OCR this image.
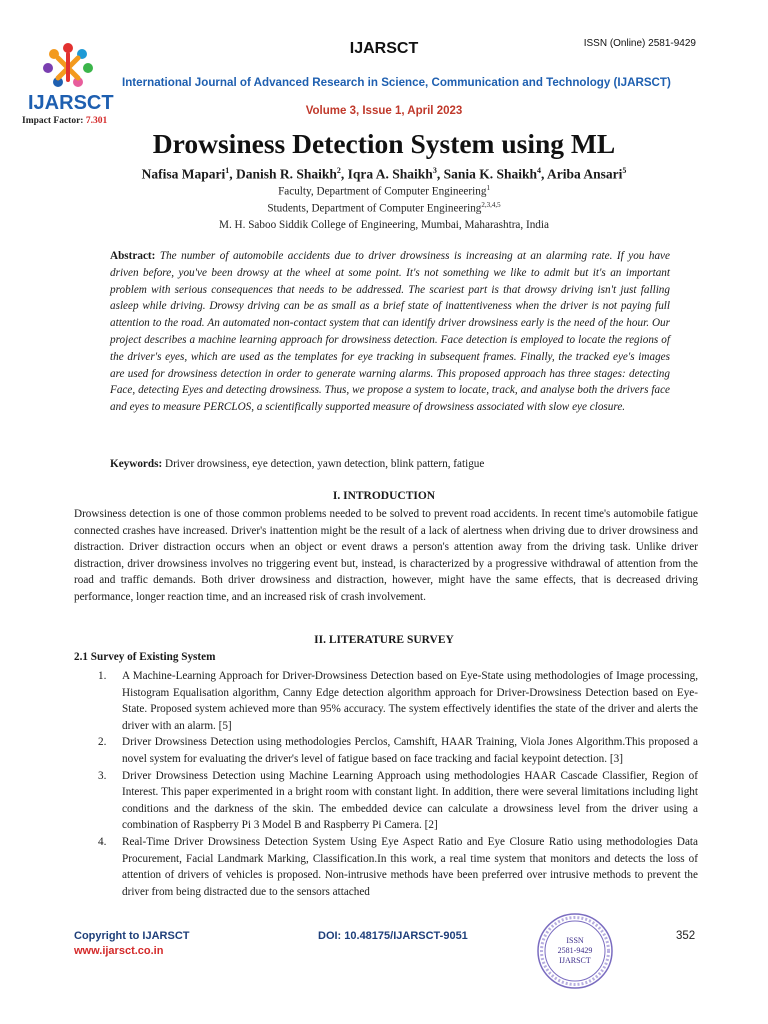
IJARSCT
Impact Factor: 7.301
IJARSCT	ISSN (Online) 2581-9429
International Journal of Advanced Research in Science, Communication and Technology (IJARSCT)
Volume 3, Issue 1, April 2023
Drowsiness Detection System using ML
Nafisa Mapari$^1$, Danish R. Shaikh$^2$, Iqra A. Shaikh$^3$, Sania K. Shaikh$^4$, Ariba Ansari$^5$
Faculty, Department of Computer Engineering$^1$
Students, Department of Computer Engineering$^{2,3,4,5}$
M. H. Saboo Siddik College of Engineering, Mumbai, Maharashtra, India
Abstract: The number of automobile accidents due to driver drowsiness is increasing at an alarming rate. If you have driven before, you've been drowsy at the wheel at some point. It's not something we like to admit but it's an important problem with serious consequences that needs to be addressed. The scariest part is that drowsy driving isn't just falling asleep while driving. Drowsy driving can be as small as a brief state of inattentiveness when the driver is not paying full attention to the road. An automated non-contact system that can identify driver drowsiness early is the need of the hour. Our project describes a machine learning approach for drowsiness detection. Face detection is employed to locate the regions of the driver's eyes, which are used as the templates for eye tracking in subsequent frames. Finally, the tracked eye's images are used for drowsiness detection in order to generate warning alarms. This proposed approach has three stages: detecting Face, detecting Eyes and detecting drowsiness. Thus, we propose a system to locate, track, and analyse both the drivers face and eyes to measure PERCLOS, a scientifically supported measure of drowsiness associated with slow eye closure.
Keywords: Driver drowsiness, eye detection, yawn detection, blink pattern, fatigue
I. INTRODUCTION
Drowsiness detection is one of those common problems needed to be solved to prevent road accidents. In recent time's automobile fatigue connected crashes have increased. Driver's inattention might be the result of a lack of alertness when driving due to driver drowsiness and distraction. Driver distraction occurs when an object or event draws a person's attention away from the driving task. Unlike driver distraction, driver drowsiness involves no triggering event but, instead, is characterized by a progressive withdrawal of attention from the road and traffic demands. Both driver drowsiness and distraction, however, might have the same effects, that is decreased driving performance, longer reaction time, and an increased risk of crash involvement.
II. LITERATURE SURVEY
2.1 Survey of Existing System
1. A Machine-Learning Approach for Driver-Drowsiness Detection based on Eye-State using methodologies of Image processing, Histogram Equalisation algorithm, Canny Edge detection algorithm approach for Driver-Drowsiness Detection based on Eye-State. Proposed system achieved more than 95% accuracy. The system effectively identifies the state of the driver and alerts the driver with an alarm. [5]
2. Driver Drowsiness Detection using methodologies Perclos, Camshift, HAAR Training, Viola Jones Algorithm.This proposed a novel system for evaluating the driver's level of fatigue based on face tracking and facial keypoint detection. [3]
3. Driver Drowsiness Detection using Machine Learning Approach using methodologies HAAR Cascade Classifier, Region of Interest. This paper experimented in a bright room with constant light. In addition, there were several limitations including light conditions and the darkness of the skin. The embedded device can calculate a drowsiness level from the driver using a combination of Raspberry Pi 3 Model B and Raspberry Pi Camera. [2]
4. Real-Time Driver Drowsiness Detection System Using Eye Aspect Ratio and Eye Closure Ratio using methodologies Data Procurement, Facial Landmark Marking, Classification.In this work, a real time system that monitors and detects the loss of attention of drivers of vehicles is proposed. Non-intrusive methods have been preferred over intrusive methods to prevent the driver from being distracted due to the sensors attached
Copyright to IJARSCT
www.ijarsct.co.in
DOI: 10.48175/IJARSCT-9051	ISSN
2581-9429
IJARSCT
352
